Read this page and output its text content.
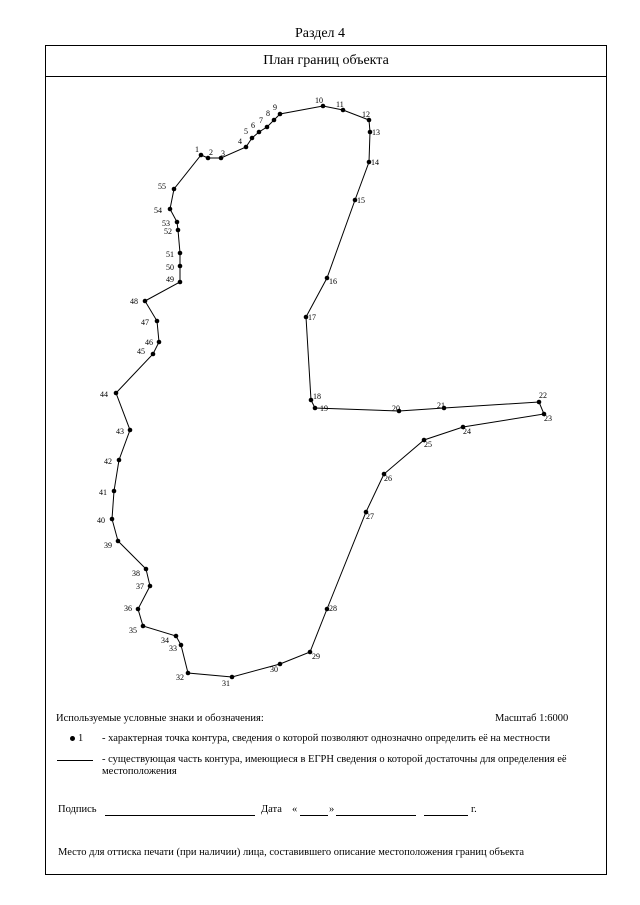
Раздел 4
План границ объекта
1 2 3
4
5
6
7
8
9
10 11
12
13
14
15
16
17
18
19	20	21
22
23
24
25
26
27
28
29
30
31
32
33
34
35
36
37
38
39
40
41
42
43
44
45
46
47
48
49
50
51
52
53
54
55
Используемые условные знаки и обозначения:	Масштаб 1:6000
1 - характерная точка контура, сведения о которой позволяют однозначно определить её на местности
- существующая часть контура, имеющиеся в ЕГРН сведения о которой достаточны для определения её местоположения
Подпись	Дата «	»	г.
Место для оттиска печати (при наличии) лица, составившего описание местоположения границ объекта
